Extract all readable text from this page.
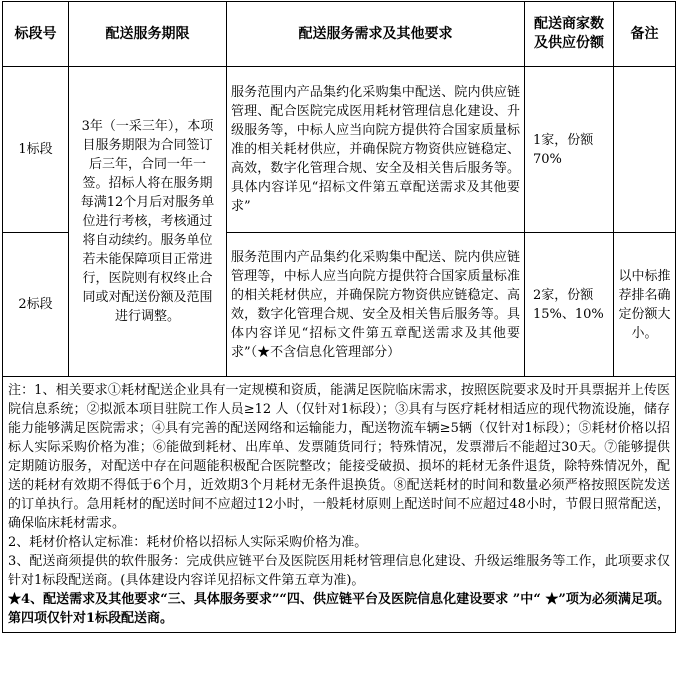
标段号	配送服务期限	配送服务需求及其他要求	配送商家数及供应份额	备注
1标段	3年（一采三年），本项目服务期限为合同签订后三年，合同一年一签。招标人将在服务期每满12个月后对服务单位进行考核，考核通过将自动续约。服务单位若未能保障项目正常进行，医院则有权终止合同或对配送份额及范围进行调整。	服务范围内产品集约化采购集中配送、院内供应链管理、配合医院完成医用耗材管理信息化建设、升级服务等，中标人应当向院方提供符合国家质量标准的相关耗材供应，并确保院方物资供应链稳定、高效，数字化管理合规、安全及相关售后服务等。具体内容详见“招标文件第五章配送需求及其他要求”	1家，份额70%	
2标段		服务范围内产品集约化采购集中配送、院内供应链管理等，中标人应当向院方提供符合国家质量标准的相关耗材供应，并确保院方物资供应链稳定、高效，数字化管理合规、安全及相关售后服务等。具体内容详见“招标文件第五章配送需求及其他要求”（★不含信息化管理部分）	2家，份额15%、10%	以中标推荐排名确定份额大小。

注：1、相关要求①耗材配送企业具有一定规模和资质，能满足医院临床需求，按照医院要求及时开具票据并上传医院信息系统；②拟派本项目驻院工作人员≥12 人（仅针对1标段）；③具有与医疗耗材相适应的现代物流设施，储存能力能够满足医院需求；④具有完善的配送网络和运输能力，配送物流车辆≥5辆（仅针对1标段）；⑤耗材价格以招标人实际采购价格为准；⑥能做到耗材、出库单、发票随货同行；特殊情况，发票滞后不能超过30天。⑦能够提供定期随访服务，对配送中存在问题能积极配合医院整改；能接受破损、损坏的耗材无条件退货，除特殊情况外，配送的耗材有效期不得低于6个月，近效期3个月耗材无条件退换货。⑧配送耗材的时间和数量必须严格按照医院发送的订单执行。急用耗材的配送时间不应超过12小时，一般耗材原则上配送时间不应超过48小时，节假日照常配送，确保临床耗材需求。

2、耗材价格认定标准：耗材价格以招标人实际采购价格为准。

3、配送商须提供的软件服务：完成供应链平台及医院医用耗材管理信息化建设、升级运维服务等工作，此项要求仅针对1标段配送商。(具体建设内容详见招标文件第五章为准)。

★4、配送需求及其他要求“三、具体服务要求”“四、供应链平台及医院信息化建设要求 ”中“ ★”项为必须满足项。第四项仅针对1标段配送商。				
